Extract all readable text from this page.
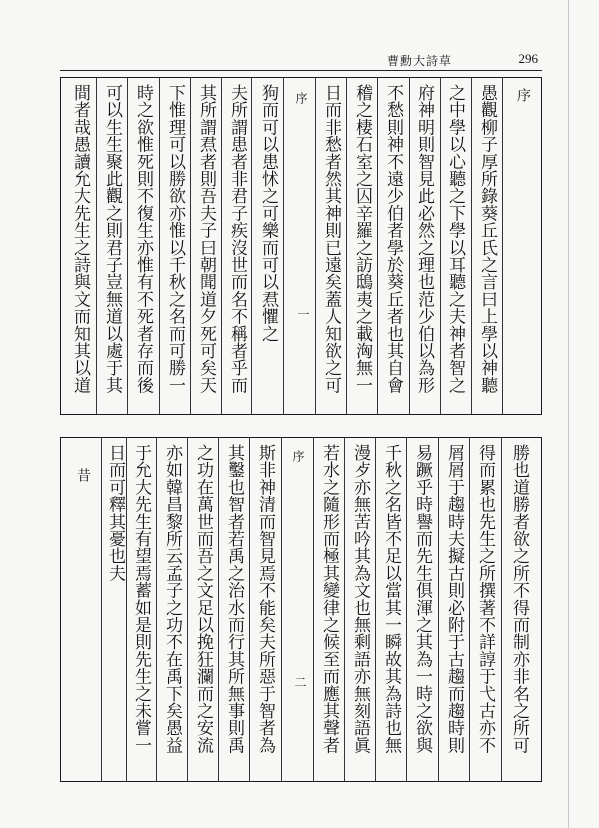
曹勳大詩草	296
序
愚觀柳子厚所錄葵丘氏之言曰上學以神聽
之中學以心聽之下學以耳聽之夫神者智之
府神明則智見此必然之理也范少伯以為形
不愁則神不遠少伯者學於葵丘者也其自會
稽之棲石室之囚辛羅之訪鴟夷之載洶無一
日而非愁者然其神則已遠矣蓋人知欲之可
序
一
狗而可以患怵之可樂而可以焄懼之
夫所謂患者非君子疾沒世而名不稱者乎而
其所謂焄者則吾夫子曰朝聞道夕死可矣天
下惟理可以勝欲亦惟以千秋之名而可勝一
時之欲惟死則不復生亦惟有不死者存而後
可以生生聚此觀之則君子豈無道以處于其
間者哉愚讀允大先生之詩與文而知其以道
勝也道勝者欲之所不得而制亦非名之所可
得而累也先生之所撰著不詳諄于弋古亦不
屑屑于趨時夫擬古則必附于古趨而趨時則
易蹶乎時譽而先生俱渾之其為一時之欲與
千秋之名皆不足以當其一瞬故其為詩也無
漫歺亦無苦吟其為文也無剩語亦無刻語眞
若水之隨形而極其變律之候至而應其聲者
序
二
斯非神清而智見焉不能矣夫所惡于智者為
其鑿也智者若禹之治水而行其所無事則禹
之功在萬世而吾之文足以挽狂瀾而之安流
亦如韓昌黎所云孟子之功不在禹下矣愚益
于允大先生有望焉蓄如是則先生之未嘗一
日而可釋其憂也夫
昔
